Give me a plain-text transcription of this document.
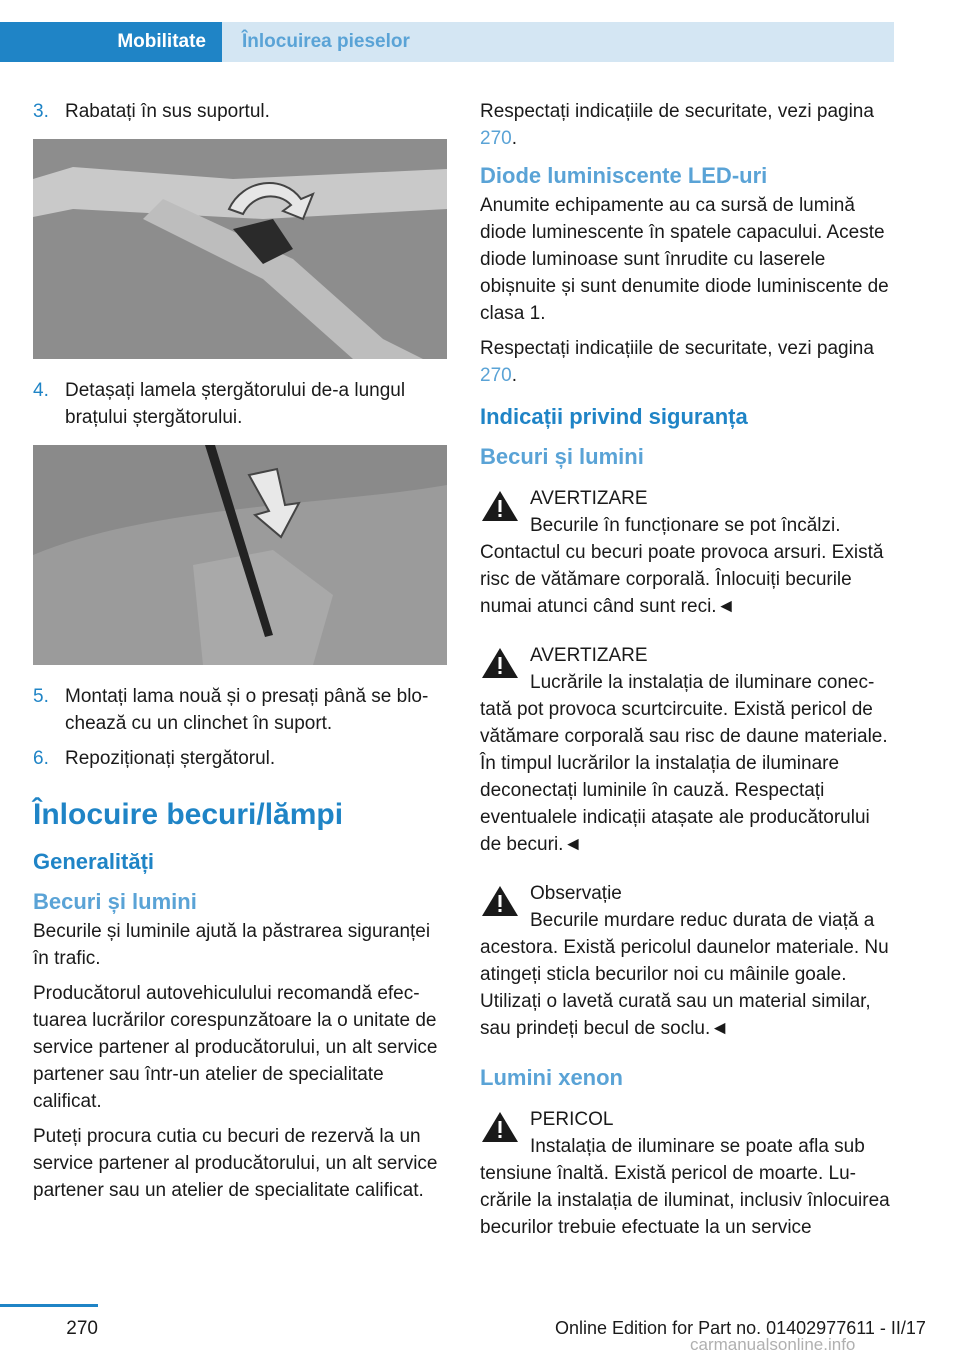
Mobilitate	Înlocuirea pieselor
3. Rabatați în sus suportul.
4. Detașați lamela ștergătorului de-a lungul brațului ștergătorului.
5. Montați lama nouă și o presați până se blochează cu un clinchet în suport.
6. Repoziționați ștergătorul.
Înlocuire becuri/lămpi
Generalități
Becuri și lumini

Becurile și luminile ajută la păstrarea siguranței în trafic.

Producătorul autovehiculului recomandă efectuarea lucrărilor corespunzătoare la o unitate de service partener al producătorului, un alt service partener sau într-un atelier de specialitate calificat.

Puteți procura cutia cu becuri de rezervă la un service partener al producătorului, un alt service partener sau un atelier de specialitate calificat.

Respectați indicațiile de securitate, vezi pagina 270.

Diode luminiscente LED-uri

Anumite echipamente au ca sursă de lumină diode luminescente în spatele capacului. Aceste diode luminoase sunt înrudite cu laserele obișnuite și sunt denumite diode luminiscente de clasa 1.

Respectați indicațiile de securitate, vezi pagina 270.

Indicații privind siguranța
Becuri și lumini
AVERTIZARE
Becurile în funcționare se pot încălzi. Contactul cu becuri poate provoca arsuri. Există risc de vătămare corporală. Înlocuiți becurile numai atunci când sunt reci.◄
AVERTIZARE
Lucrările la instalația de iluminare conectată pot provoca scurtcircuite. Există pericol de vătămare corporală sau risc de daune materiale. În timpul lucrărilor la instalația de iluminare deconectați luminile în cauză. Respectați eventualele indicații atașate ale producătorului de becuri.◄
Observație
Becurile murdare reduc durata de viață a acestora. Există pericolul daunelor materiale. Nu atingeți sticla becurilor noi cu mâinile goale. Utilizați o lavetă curată sau un material similar, sau prindeți becul de soclu.◄
Lumini xenon
PERICOL
Instalația de iluminare se poate afla sub tensiune înaltă. Există pericol de moarte. Lucrările la instalația de iluminat, inclusiv înlocuirea becurilor trebuie efectuate la un service
270	Online Edition for Part no. 01402977611 - II/17
carmanualsonline.info
